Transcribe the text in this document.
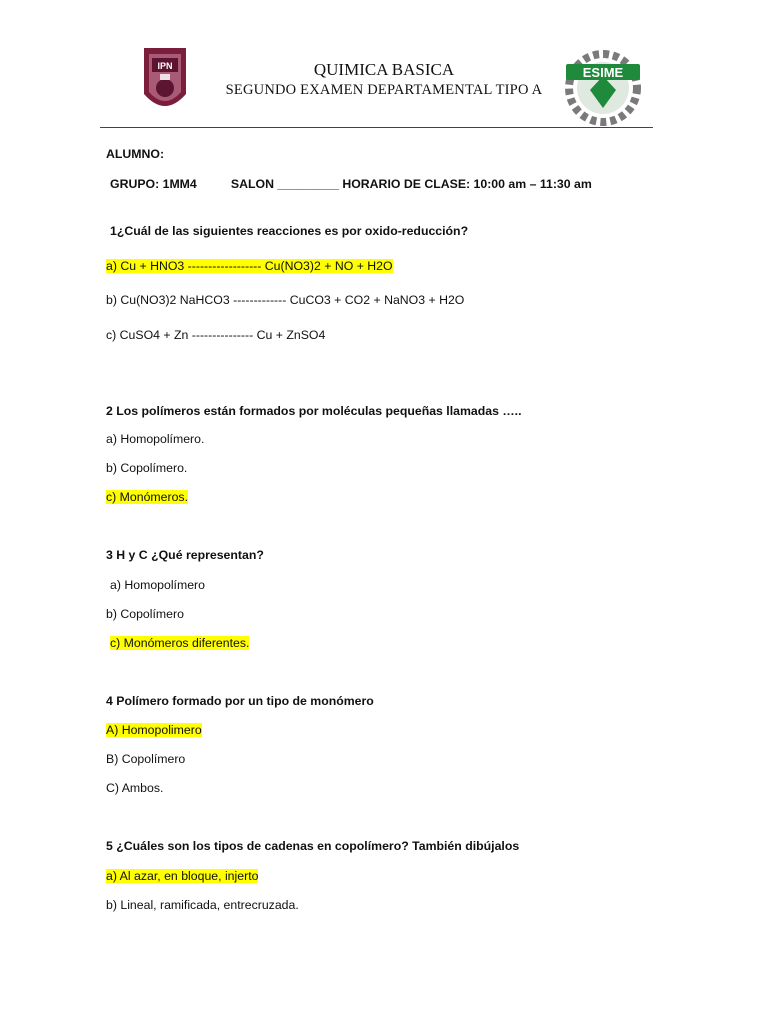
IPN	QUIMICA BASICA
SEGUNDO EXAMEN DEPARTAMENTAL TIPO A
ESIME
ALUMNO:
GRUPO: 1MM4          SALON _________ HORARIO DE CLASE: 10:00 am – 11:30 am
1¿Cuál de las siguientes reacciones es por oxido-reducción?
a) Cu + HNO3 ------------------ Cu(NO3)2 + NO + H2O
b) Cu(NO3)2 NaHCO3 ------------- CuCO3 + CO2 + NaNO3 + H2O
c) CuSO4 + Zn --------------- Cu + ZnSO4
2 Los polímeros están formados por moléculas pequeñas llamadas …..
a) Homopolímero.
b) Copolímero.
c) Monómeros.
3 H y C ¿Qué representan?
a) Homopolímero
b) Copolímero
c) Monómeros diferentes.
4 Polímero formado por un tipo de monómero
A) Homopolimero
B) Copolímero
C) Ambos.
5 ¿Cuáles son los tipos de cadenas en copolímero? También dibújalos
a) Al azar, en bloque, injerto
b) Lineal, ramificada, entrecruzada.
